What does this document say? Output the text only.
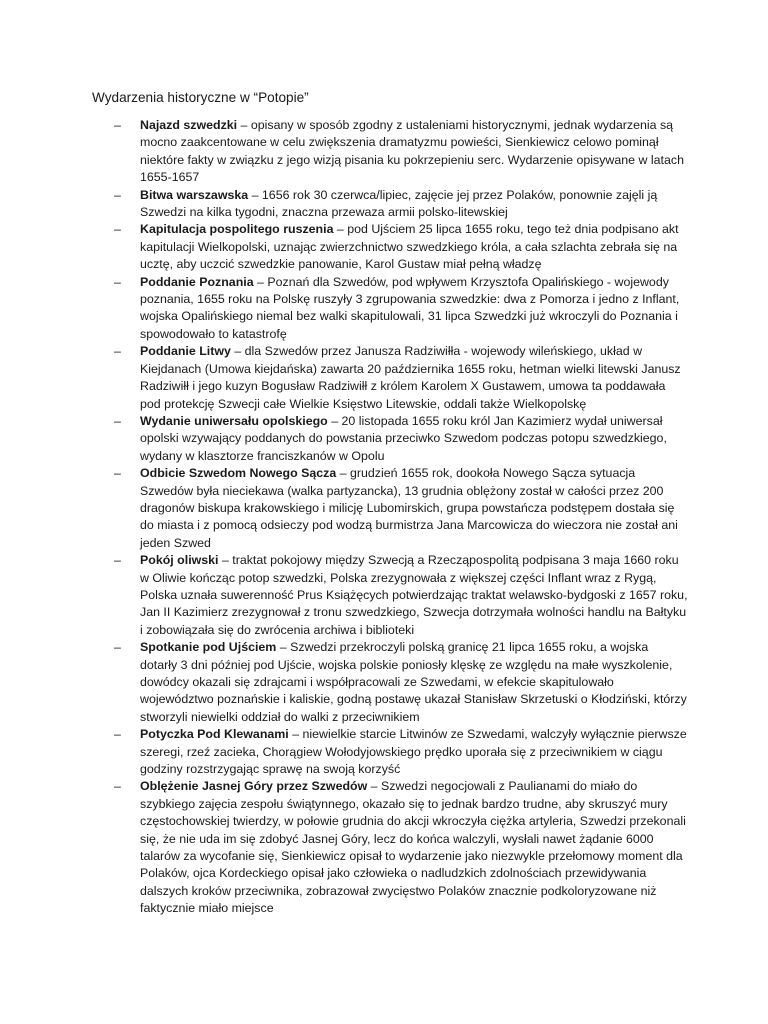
Wydarzenia historyczne w “Potopie”
– Najazd szwedzki – opisany w sposób zgodny z ustaleniami historycznymi, jednak wydarzenia są mocno zaakcentowane w celu zwiększenia dramatyzmu powieści, Sienkiewicz celowo pominął niektóre fakty w związku z jego wizją pisania ku pokrzepieniu serc. Wydarzenie opisywane w latach 1655-1657
– Bitwa warszawska – 1656 rok 30 czerwca/lipiec, zajęcie jej przez Polaków, ponownie zajęli ją Szwedzi na kilka tygodni, znaczna przewaza armii polsko-litewskiej
– Kapitulacja pospolitego ruszenia – pod Ujściem 25 lipca 1655 roku, tego też dnia podpisano akt kapitulacji Wielkopolski, uznając zwierzchnictwo szwedzkiego króla, a cała szlachta zebrała się na ucztę, aby uczcić szwedzkie panowanie, Karol Gustaw miał pełną władzę
– Poddanie Poznania – Poznań dla Szwedów, pod wpływem Krzysztofa Opalińskiego - wojewody poznania, 1655 roku na Polskę ruszyły 3 zgrupowania szwedzkie: dwa z Pomorza i jedno z Inflant, wojska Opalińskiego niemal bez walki skapitulowali, 31 lipca Szwedzki już wkroczyli do Poznania i spowodowało to katastrofę
– Poddanie Litwy – dla Szwedów przez Janusza Radziwiłła - wojewody wileńskiego, układ w Kiejdanach (Umowa kiejdańska) zawarta 20 października 1655 roku, hetman wielki litewski Janusz Radziwiłł i jego kuzyn Bogusław Radziwiłł z królem Karolem X Gustawem, umowa ta poddawała pod protekcję Szwecji całe Wielkie Księstwo Litewskie, oddali także Wielkopolskę
– Wydanie uniwersału opolskiego – 20 listopada 1655 roku król Jan Kazimierz wydał uniwersał opolski wzywający poddanych do powstania przeciwko Szwedom podczas potopu szwedzkiego, wydany w klasztorze franciszkanów w Opolu
– Odbicie Szwedom Nowego Sącza – grudzień 1655 rok, dookoła Nowego Sącza sytuacja Szwedów była nieciekawa (walka partyzancka), 13 grudnia oblężony został w całości przez 200 dragonów biskupa krakowskiego i milicję Lubomirskich, grupa powstańcza podstępem dostała się do miasta i z pomocą odsieczy pod wodzą burmistrza Jana Marcowicza do wieczora nie został ani jeden Szwed
– Pokój oliwski – traktat pokojowy między Szwecją a Rzecząpospolitą podpisana 3 maja 1660 roku w Oliwie kończąc potop szwedzki, Polska zrezygnowała z większej części Inflant wraz z Rygą, Polska uznała suwerenność Prus Książęcych potwierdzając traktat welawsko-bydgoski z 1657 roku, Jan II Kazimierz zrezygnował z tronu szwedzkiego, Szwecja dotrzymała wolności handlu na Bałtyku i zobowiązała się do zwrócenia archiwa i biblioteki
– Spotkanie pod Ujściem – Szwedzi przekroczyli polską granicę 21 lipca 1655 roku, a wojska dotarły 3 dni później pod Ujście, wojska polskie poniosły klęskę ze względu na małe wyszkolenie, dowódcy okazali się zdrajcami i współpracowali ze Szwedami, w efekcie skapitulowało województwo poznańskie i kaliskie, godną postawę ukazał Stanisław Skrzetuski o Kłodziński, którzy stworzyli niewielki oddział do walki z przeciwnikiem
– Potyczka Pod Klewanami – niewielkie starcie Litwinów ze Szwedami, walczyły wyłącznie pierwsze szeregi, rzeź zacieka, Chorągiew Wołodyjowskiego prędko uporała się z przeciwnikiem w ciągu godziny rozstrzygając sprawę na swoją korzyść
– Oblężenie Jasnej Góry przez Szwedów – Szwedzi negocjowali z Paulianami do miało do szybkiego zajęcia zespołu świątynnego, okazało się to jednak bardzo trudne, aby skruszyć mury częstochowskiej twierdzy, w połowie grudnia do akcji wkroczyła ciężka artyleria, Szwedzi przekonali się, że nie uda im się zdobyć Jasnej Góry, lecz do końca walczyli, wysłali nawet żądanie 6000 talarów za wycofanie się, Sienkiewicz opisał to wydarzenie jako niezwykle przełomowy moment dla Polaków, ojca Kordeckiego opisał jako człowieka o nadludzkich zdolnościach przewidywania dalszych kroków przeciwnika, zobrazował zwycięstwo Polaków znacznie podkoloryzowane niż faktycznie miało miejsce
